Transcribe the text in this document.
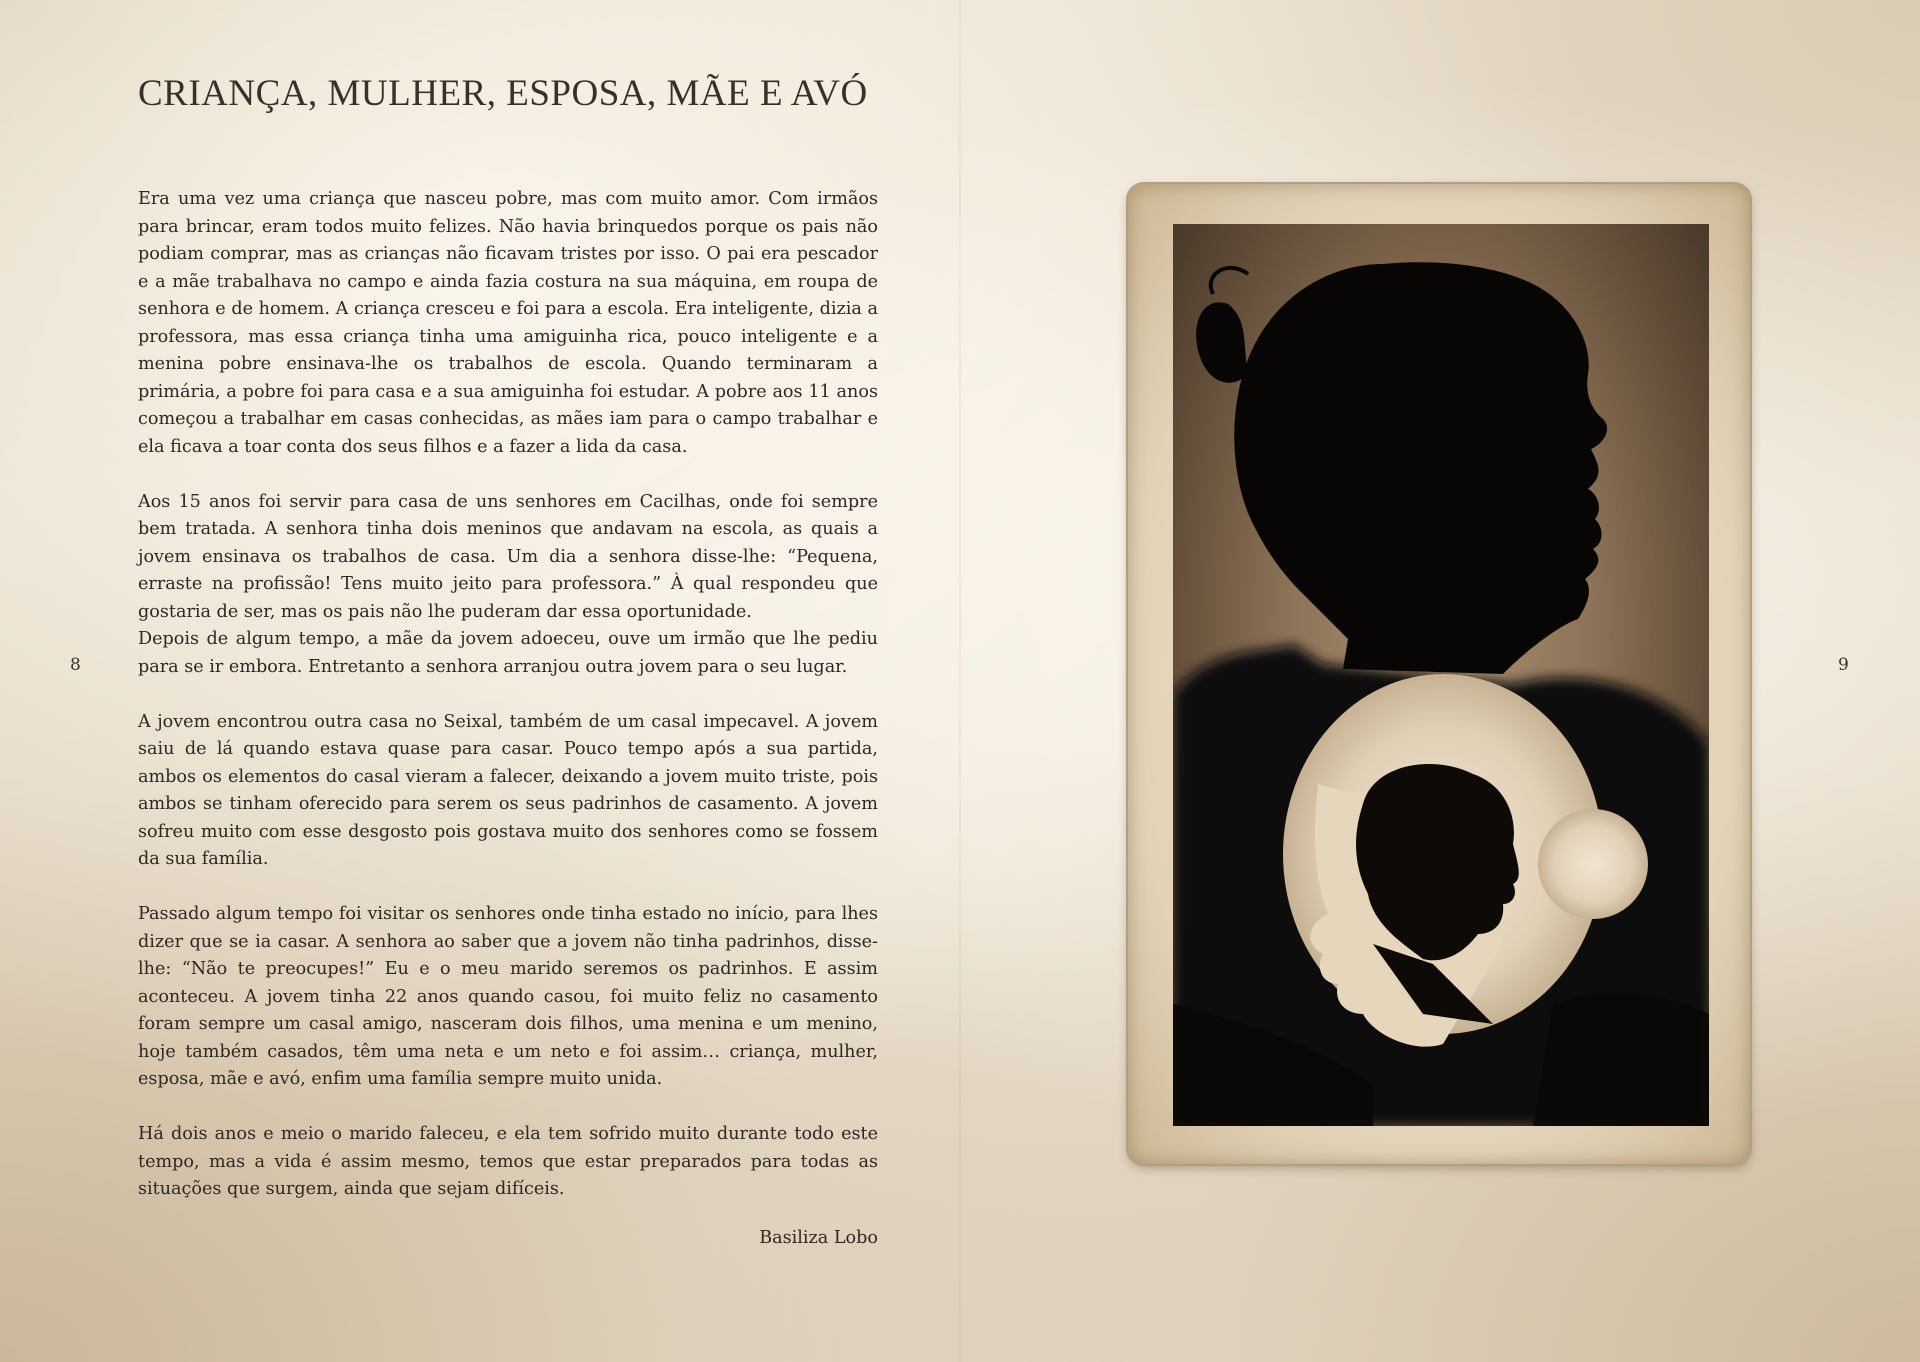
CRIANÇA, MULHER, ESPOSA, MÃE E AVÓ

Era uma vez uma criança que nasceu pobre, mas com muito amor. Com irmãos para brincar, eram todos muito felizes. Não havia brinquedos porque os pais não podiam comprar, mas as crianças não ficavam tristes por isso. O pai era pescador e a mãe trabalhava no campo e ainda fazia costura na sua máquina, em roupa de senhora e de homem. A criança cresceu e foi para a escola. Era inteligente, dizia a professora, mas essa criança tinha uma amiguinha rica, pouco inteligente e a menina pobre ensinava-lhe os trabalhos de escola. Quando terminaram a primária, a pobre foi para casa e a sua amiguinha foi estudar. A pobre aos 11 anos começou a trabalhar em casas conhecidas, as mães iam para o campo trabalhar e ela ficava a toar conta dos seus filhos e a fazer a lida da casa.

Aos 15 anos foi servir para casa de uns senhores em Cacilhas, onde foi sempre bem tratada. A senhora tinha dois meninos que andavam na escola, as quais a jovem ensinava os trabalhos de casa. Um dia a senhora disse-lhe: “Pequena, erraste na profissão! Tens muito jeito para professora.” À qual respondeu que gostaria de ser, mas os pais não lhe puderam dar essa oportunidade.

Depois de algum tempo, a mãe da jovem adoeceu, ouve um irmão que lhe pediu para se ir embora. Entretanto a senhora arranjou outra jovem para o seu lugar.

A jovem encontrou outra casa no Seixal, também de um casal impecavel. A jovem saiu de lá quando estava quase para casar. Pouco tempo após a sua partida, ambos os elementos do casal vieram a falecer, deixando a jovem muito triste, pois ambos se tinham oferecido para serem os seus padrinhos de casamento. A jovem sofreu muito com esse desgosto pois gostava muito dos senhores como se fossem da sua família.

Passado algum tempo foi visitar os senhores onde tinha estado no início, para lhes dizer que se ia casar. A senhora ao saber que a jovem não tinha padrinhos, disse-lhe: “Não te preocupes!” Eu e o meu marido seremos os padrinhos. E assim aconteceu. A jovem tinha 22 anos quando casou, foi muito feliz no casamento foram sempre um casal amigo, nasceram dois filhos, uma menina e um menino, hoje também casados, têm uma neta e um neto e foi assim… criança, mulher, esposa, mãe e avó, enfim uma família sempre muito unida.

Há dois anos e meio o marido faleceu, e ela tem sofrido muito durante todo este tempo, mas a vida é assim mesmo, temos que estar preparados para todas as situações que surgem, ainda que sejam difíceis.

Basiliza Lobo
8	9
